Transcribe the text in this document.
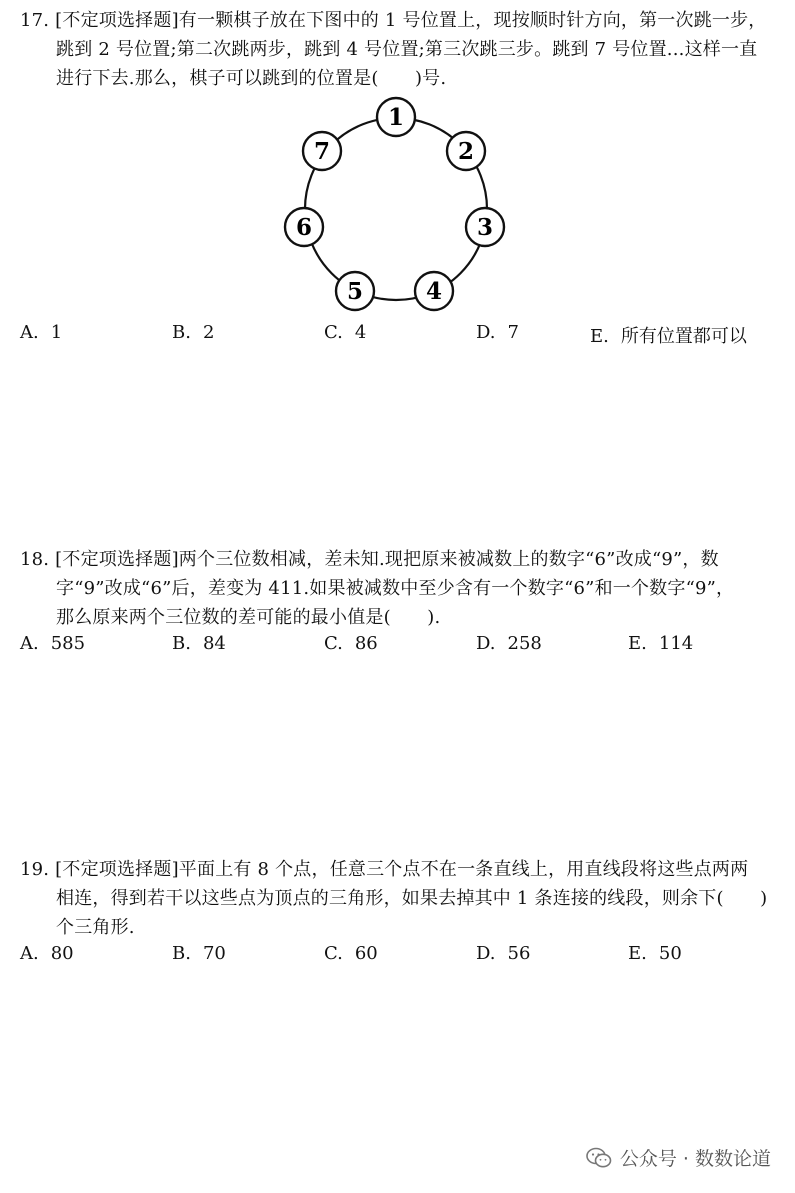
17. [不定项选择题]有一颗棋子放在下图中的 1 号位置上，现按顺时针方向，第一次跳一步，

跳到 2 号位置;第二次跳两步，跳到 4 号位置;第三次跳三步。跳到 7 号位置...这样一直

进行下去.那么，棋子可以跳到的位置是(　　)号.

1
2
3
4
5
6
7
A. 1	B. 2	C. 4	D. 7	E. 所有位置都可以

18. [不定项选择题]两个三位数相减，差未知.现把原来被减数上的数字“6”改成“9”，数

字“9”改成“6”后，差变为 411.如果被减数中至少含有一个数字“6”和一个数字“9”，

那么原来两个三位数的差可能的最小值是(　　).

A. 585	B. 84	C. 86	D. 258	E. 114

19. [不定项选择题]平面上有 8 个点，任意三个点不在一条直线上，用直线段将这些点两两

相连，得到若干以这些点为顶点的三角形，如果去掉其中 1 条连接的线段，则余下(　　)

个三角形.

A. 80	B. 70	C. 60	D. 56	E. 50
公众号 · 数数论道
